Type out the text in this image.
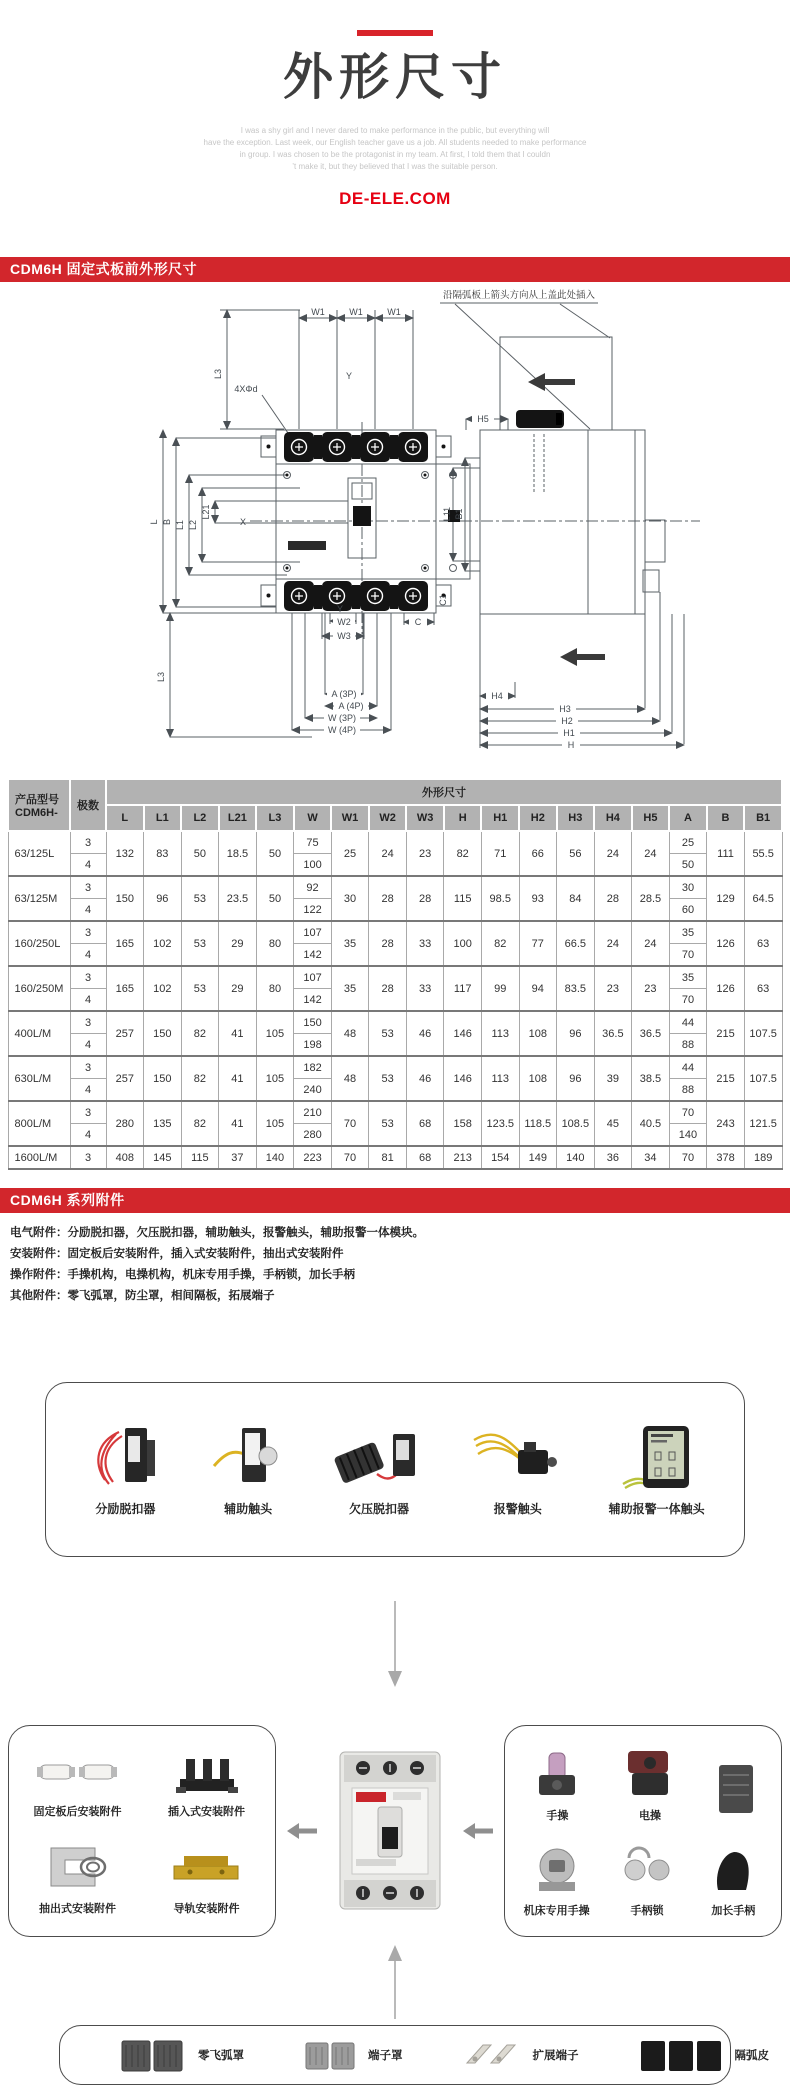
外形尺寸
I was a shy girl and I never dared to make performance in the public, but everything will
have the exception. Last week, our English teacher gave us a job. All students needed to make performance
in group. I was chosen to be the protagonist in my team. At first, I told them that I couldn
’t make it, but they believed that I was the suitable person.
DE-ELE.COM
CDM6H 固定式板前外形尺寸
W1	W1	W1
Y
L3
4XΦd
L B L1 L2
L21
X
L3
Y
C1
W2
W3
C
A (3P)
A (4P)
W (3P)
W (4P)
沿隔弧板上箭头方向从上盖此处插入
H5
L11 B1
H4
H3
H2
H1
H
产品型号
CDM6H-	极数	外形尺寸																	
		L	L1	L2	L21	L3	W	W1	W2	W3	H	H1	H2	H3	H4	H5	A	B	B1
63/125L	3	132	83	50	18.5	50	75	25	24	23	82	71	66	56	24	24	25	111	55.5
	4						100										50		
63/125M	3	150	96	53	23.5	50	92	30	28	28	115	98.5	93	84	28	28.5	30	129	64.5
	4						122										60		
160/250L	3	165	102	53	29	80	107	35	28	33	100	82	77	66.5	24	24	35	126	63
	4						142										70		
160/250M	3	165	102	53	29	80	107	35	28	33	117	99	94	83.5	23	23	35	126	63
	4						142										70		
400L/M	3	257	150	82	41	105	150	48	53	46	146	113	108	96	36.5	36.5	44	215	107.5
	4						198										88		
630L/M	3	257	150	82	41	105	182	48	53	46	146	113	108	96	39	38.5	44	215	107.5
	4						240										88		
800L/M	3	280	135	82	41	105	210	70	53	68	158	123.5	118.5	108.5	45	40.5	70	243	121.5
	4						280										140		
1600L/M	3	408	145	115	37	140	223	70	81	68	213	154	149	140	36	34	70	378	189
CDM6H 系列附件

电气附件：分励脱扣器，欠压脱扣器，辅助触头，报警触头，辅助报警一体模块。

安装附件：固定板后安装附件，插入式安装附件，抽出式安装附件

操作附件：手操机构，电操机构，机床专用手操，手柄锁，加长手柄

其他附件：零飞弧罩，防尘罩，相间隔板，拓展端子

分励脱扣器	辅助触头	欠压脱扣器	报警触头	辅助报警一体触头
固定板后安装附件	插入式安装附件
抽出式安装附件	导轨安装附件
手操	电操
机床专用手操	手柄锁	加长手柄
零飞弧罩	端子罩	扩展端子	隔弧皮
